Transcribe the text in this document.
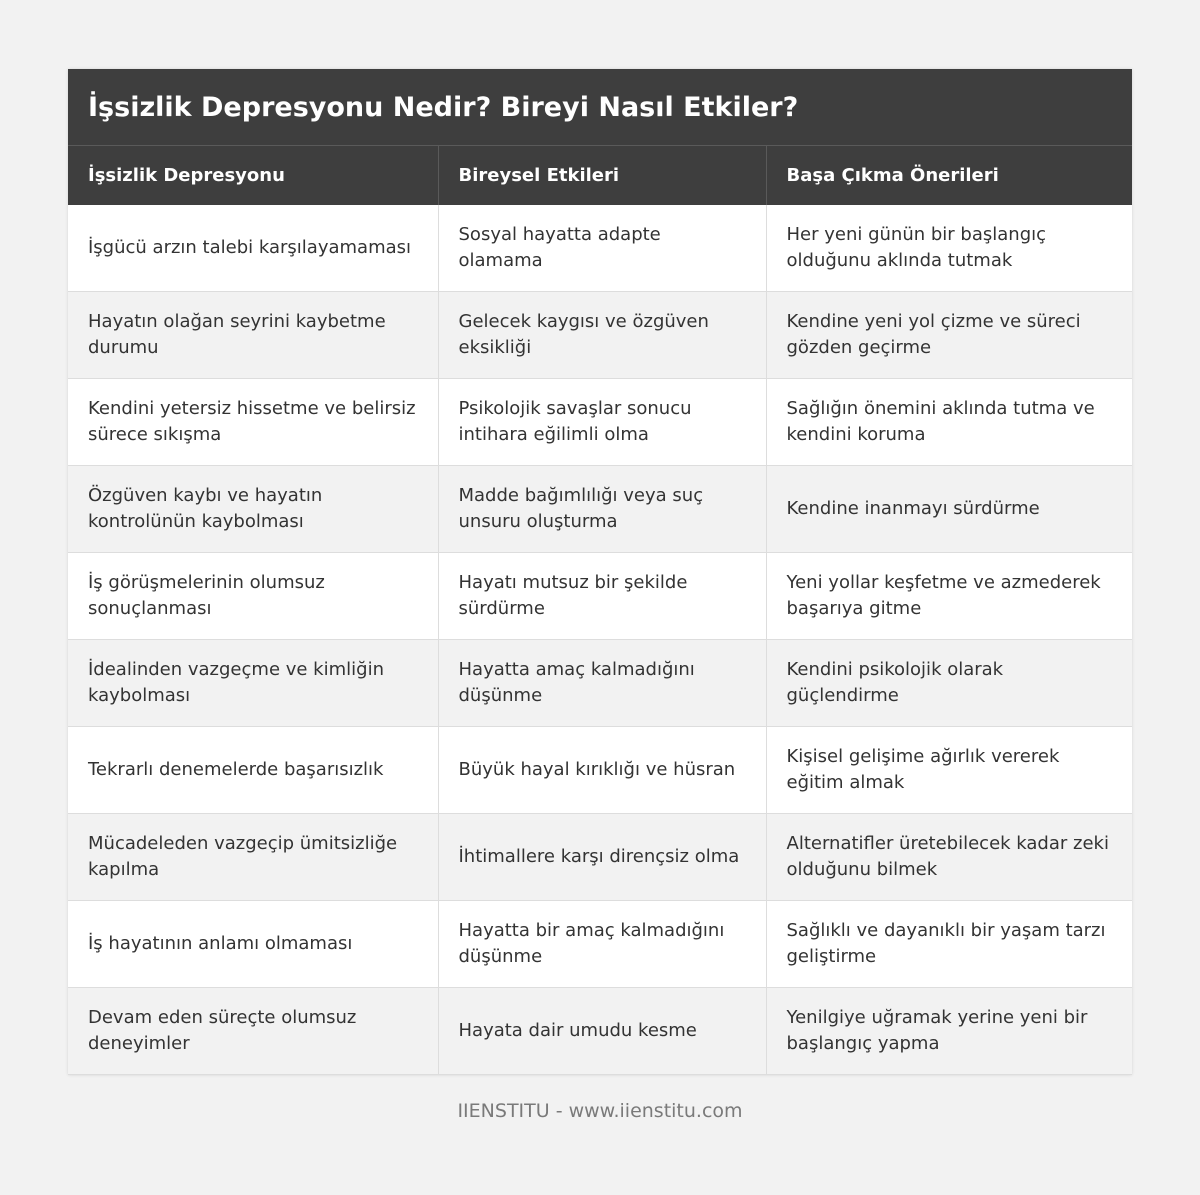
İşsizlik Depresyonu Nedir? Bireyi Nasıl Etkiler?
İşsizlik Depresyonu	Bireysel Etkileri	Başa Çıkma Önerileri
İşgücü arzın talebi karşılayamaması	Sosyal hayatta adapte olamama	Her yeni günün bir başlangıç olduğunu aklında tutmak
Hayatın olağan seyrini kaybetme durumu	Gelecek kaygısı ve özgüven eksikliği	Kendine yeni yol çizme ve süreci gözden geçirme
Kendini yetersiz hissetme ve belirsiz sürece sıkışma	Psikolojik savaşlar sonucu intihara eğilimli olma	Sağlığın önemini aklında tutma ve kendini koruma
Özgüven kaybı ve hayatın kontrolünün kaybolması	Madde bağımlılığı veya suç unsuru oluşturma	Kendine inanmayı sürdürme
İş görüşmelerinin olumsuz sonuçlanması	Hayatı mutsuz bir şekilde sürdürme	Yeni yollar keşfetme ve azmederek başarıya gitme
İdealinden vazgeçme ve kimliğin kaybolması	Hayatta amaç kalmadığını düşünme	Kendini psikolojik olarak güçlendirme
Tekrarlı denemelerde başarısızlık	Büyük hayal kırıklığı ve hüsran	Kişisel gelişime ağırlık vererek eğitim almak
Mücadeleden vazgeçip ümitsizliğe kapılma	İhtimallere karşı dirençsiz olma	Alternatifler üretebilecek kadar zeki olduğunu bilmek
İş hayatının anlamı olmaması	Hayatta bir amaç kalmadığını düşünme	Sağlıklı ve dayanıklı bir yaşam tarzı geliştirme
Devam eden süreçte olumsuz deneyimler	Hayata dair umudu kesme	Yenilgiye uğramak yerine yeni bir başlangıç yapma
IIENSTITU - www.iienstitu.com
